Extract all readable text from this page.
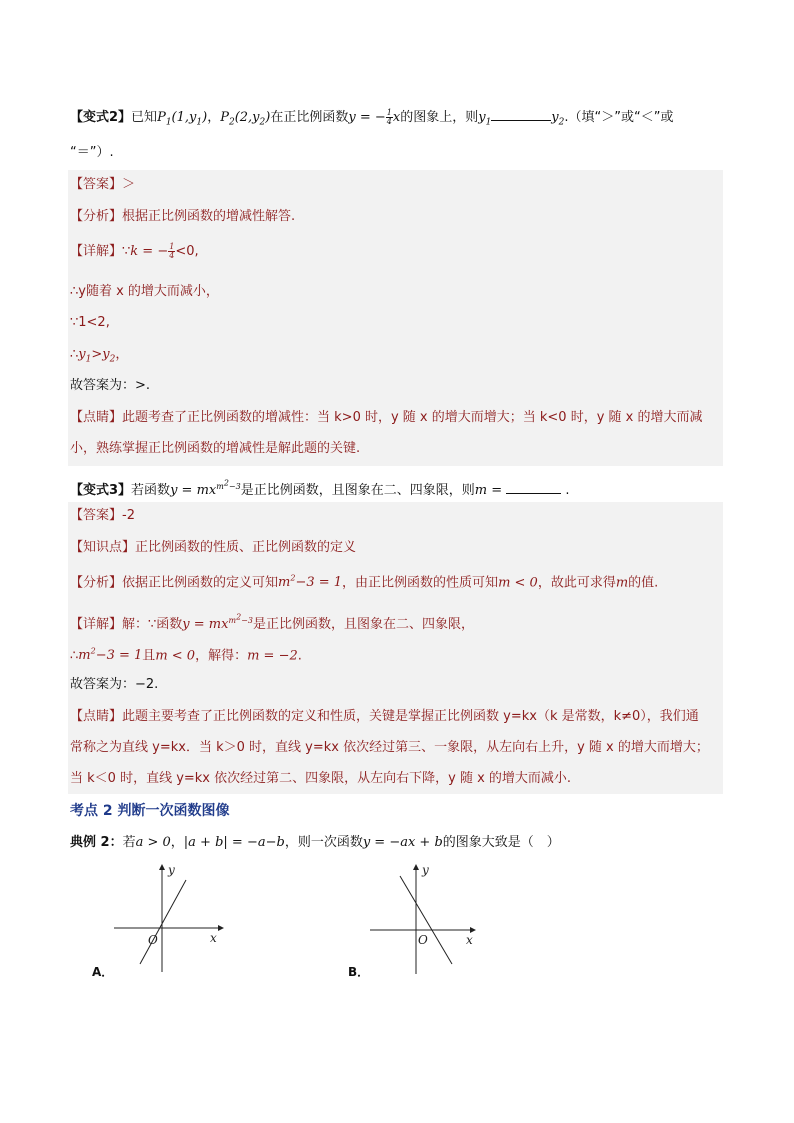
【变式2】已知$P_1(1,y_1)$，$P_2(2,y_2)$在正比例函数y = − $\frac{1}{4}$ x的图象上，则$y_1$	$y_2$.（填“＞”或“＜”或
“＝”）.
【答案】＞
【分析】根据正比例函数的增减性解答.
【详解】∵k = − $\frac{1}{4} <0$,
∴y随着 x 的增大而减小，
∵1<2,
$\therefore y_1>y_2$，
故答案为：>.
【点睛】此题考查了正比例函数的增减性：当 k>0 时，y 随 x 的增大而增大；当 k<0 时，y 随 x 的增大而减
小，熟练掌握正比例函数的增减性是解此题的关键.
【变式3】若函数$y = mx^{m^2-3}$是正比例函数，且图象在二、四象限，则m =	.
【答案】-2
【知识点】正比例函数的性质、正比例函数的定义
【分析】依据正比例函数的定义可知$m^2-3 = 1$，由正比例函数的性质可知m < 0，故此可求得m的值.
【详解】解：∵函数$y = mx^{m^2-3}$是正比例函数，且图象在二、四象限，
$\therefore m^2-3 = 1$且m < 0，解得：m = −2.
故答案为：−2.
【点睛】此题主要考查了正比例函数的定义和性质，关键是掌握正比例函数 y=kx（k 是常数，k≠0），我们通
常称之为直线 y=kx．当 k＞0 时，直线 y=kx 依次经过第三、一象限，从左向右上升，y 随 x 的增大而增大；
当 k＜0 时，直线 y=kx 依次经过第二、四象限，从左向右下降，y 随 x 的增大而减小.
考点 2 判断一次函数图像
典例 2：若a > 0，|a + b| = −a−b，则一次函数y = −ax + b的图象大致是（　）
y
x
O
A．
y
x
O
B．
